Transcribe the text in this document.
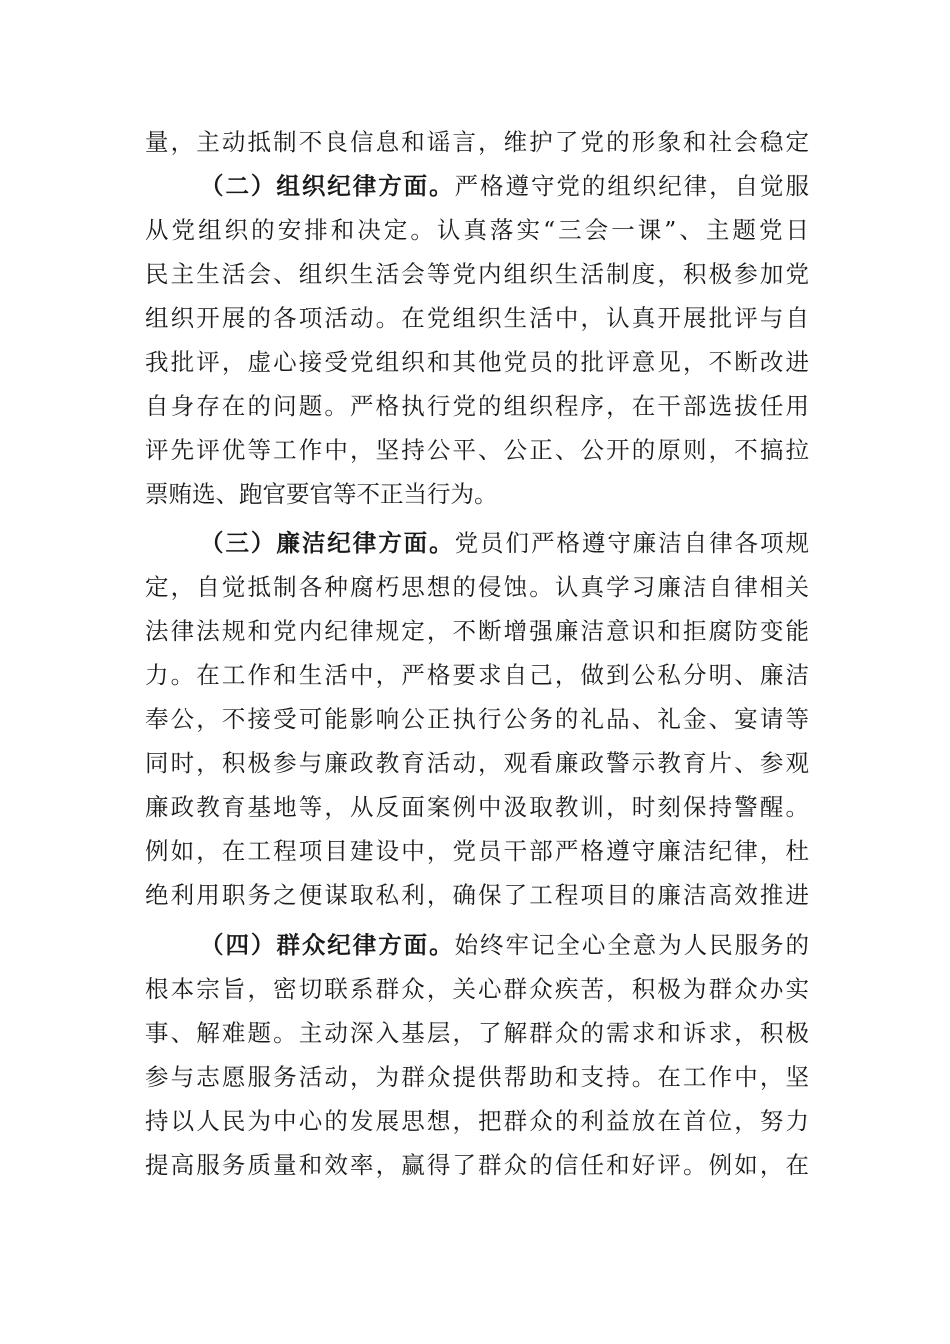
量，主动抵制不良信息和谣言，维护了党的形象和社会稳定
（二）组织纪律方面。严格遵守党的组织纪律，自觉服
从党组织的安排和决定。认真落实“三会一课”、主题党日
民主生活会、组织生活会等党内组织生活制度，积极参加党
组织开展的各项活动。在党组织生活中，认真开展批评与自
我批评，虚心接受党组织和其他党员的批评意见，不断改进
自身存在的问题。严格执行党的组织程序，在干部选拔任用
评先评优等工作中，坚持公平、公正、公开的原则，不搞拉
票贿选、跑官要官等不正当行为。
（三）廉洁纪律方面。党员们严格遵守廉洁自律各项规
定，自觉抵制各种腐朽思想的侵蚀。认真学习廉洁自律相关
法律法规和党内纪律规定，不断增强廉洁意识和拒腐防变能
力。在工作和生活中，严格要求自己，做到公私分明、廉洁
奉公，不接受可能影响公正执行公务的礼品、礼金、宴请等
同时，积极参与廉政教育活动，观看廉政警示教育片、参观
廉政教育基地等，从反面案例中汲取教训，时刻保持警醒。
例如，在工程项目建设中，党员干部严格遵守廉洁纪律，杜
绝利用职务之便谋取私利，确保了工程项目的廉洁高效推进
（四）群众纪律方面。始终牢记全心全意为人民服务的
根本宗旨，密切联系群众，关心群众疾苦，积极为群众办实
事、解难题。主动深入基层，了解群众的需求和诉求，积极
参与志愿服务活动，为群众提供帮助和支持。在工作中，坚
持以人民为中心的发展思想，把群众的利益放在首位，努力
提高服务质量和效率，赢得了群众的信任和好评。例如，在
